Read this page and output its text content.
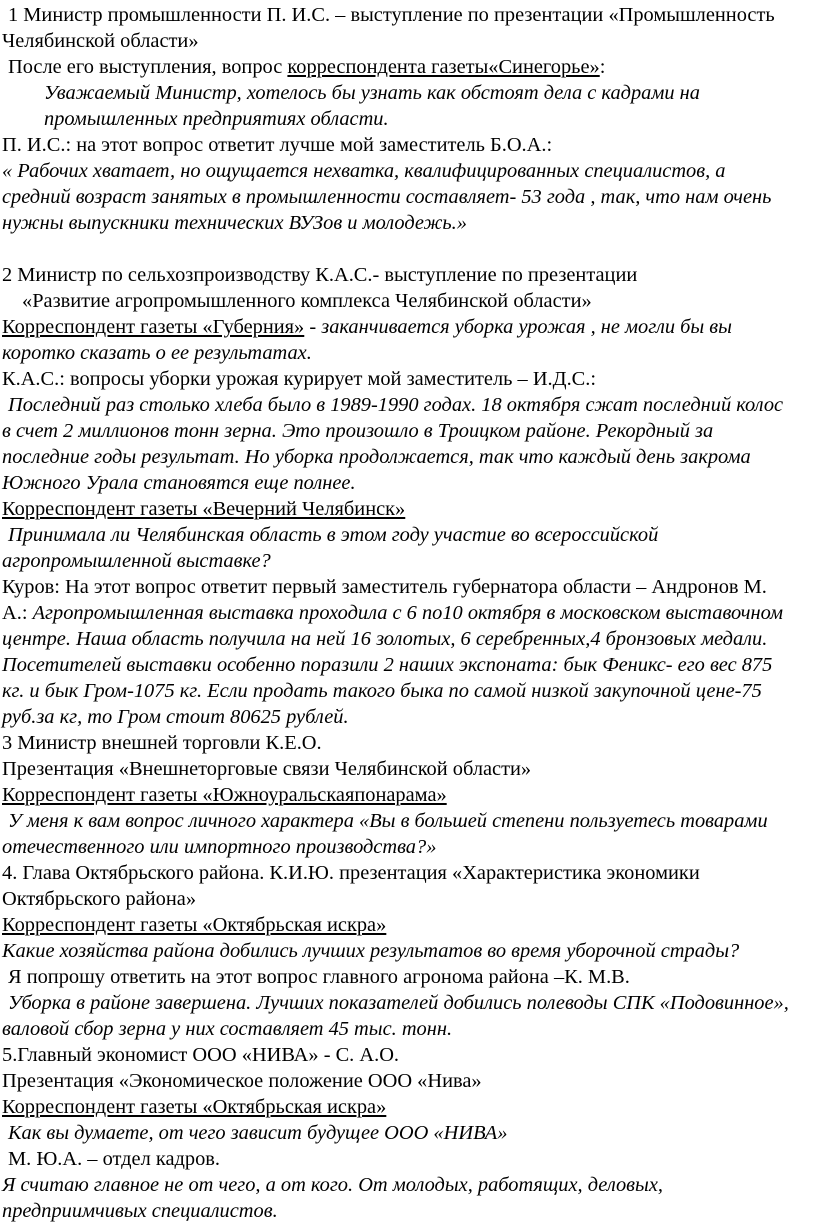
1 Министр промышленности П. И.С. – выступление по презентации «Промышленность
Челябинской области»
После его выступления, вопрос корреспондента газеты«Синегорье»:
Уважаемый Министр, хотелось бы узнать как обстоят дела с кадрами на
промышленных предприятиях области.
П. И.С.: на этот вопрос ответит лучше мой заместитель Б.О.А.:
« Рабочих хватает, но ощущается нехватка, квалифицированных специалистов, а
средний возраст занятых в промышленности составляет- 53 года , так, что нам очень
нужны выпускники технических ВУЗов и молодежь.»
2 Министр по сельхозпроизводству К.А.С.- выступление по презентации
«Развитие агропромышленного комплекса Челябинской области»
Корреспондент газеты «Губерния» - заканчивается уборка урожая , не могли бы вы
коротко сказать о ее результатах.
К.А.С.: вопросы уборки урожая курирует мой заместитель – И.Д.С.:
Последний раз столько хлеба было в 1989-1990 годах. 18 октября сжат последний колос
в счет 2 миллионов тонн зерна. Это произошло в Троицком районе. Рекордный за
последние годы результат. Но уборка продолжается, так что каждый день закрома
Южного Урала становятся еще полнее.
Корреспондент газеты «Вечерний Челябинск»
Принимала ли Челябинская область в этом году участие во всероссийской
агропромышленной выставке?
Куров: На этот вопрос ответит первый заместитель губернатора области – Андронов М.
А.: Агропромышленная выставка проходила с 6 по10 октября в московском выставочном
центре. Наша область получила на ней 16 золотых, 6 серебренных,4 бронзовых медали.
Посетителей выставки особенно поразили 2 наших экспоната: бык Феникс- его вес 875
кг. и бык Гром-1075 кг. Если продать такого быка по самой низкой закупочной цене-75
руб.за кг, то Гром стоит 80625 рублей.
3 Министр внешней торговли К.Е.О.
Презентация «Внешнеторговые связи Челябинской области»
Корреспондент газеты «Южноуральскаяпонарама»
У меня к вам вопрос личного характера «Вы в большей степени пользуетесь товарами
отечественного или импортного производства?»
4. Глава Октябрьского района. К.И.Ю. презентация «Характеристика экономики
Октябрьского района»
Корреспондент газеты «Октябрьская искра»
Какие хозяйства района добились лучших результатов во время уборочной страды?
Я попрошу ответить на этот вопрос главного агронома района –К. М.В.
Уборка в районе завершена. Лучших показателей добились полеводы СПК «Подовинное»,
валовой сбор зерна у них составляет 45 тыс. тонн.
5.Главный экономист ООО «НИВА» - С. А.О.
Презентация «Экономическое положение ООО «Нива»
Корреспондент газеты «Октябрьская искра»
Как вы думаете, от чего зависит будущее ООО «НИВА»
М. Ю.А. – отдел кадров.
Я считаю главное не от чего, а от кого. От молодых, работящих, деловых,
предприимчивых специалистов.
